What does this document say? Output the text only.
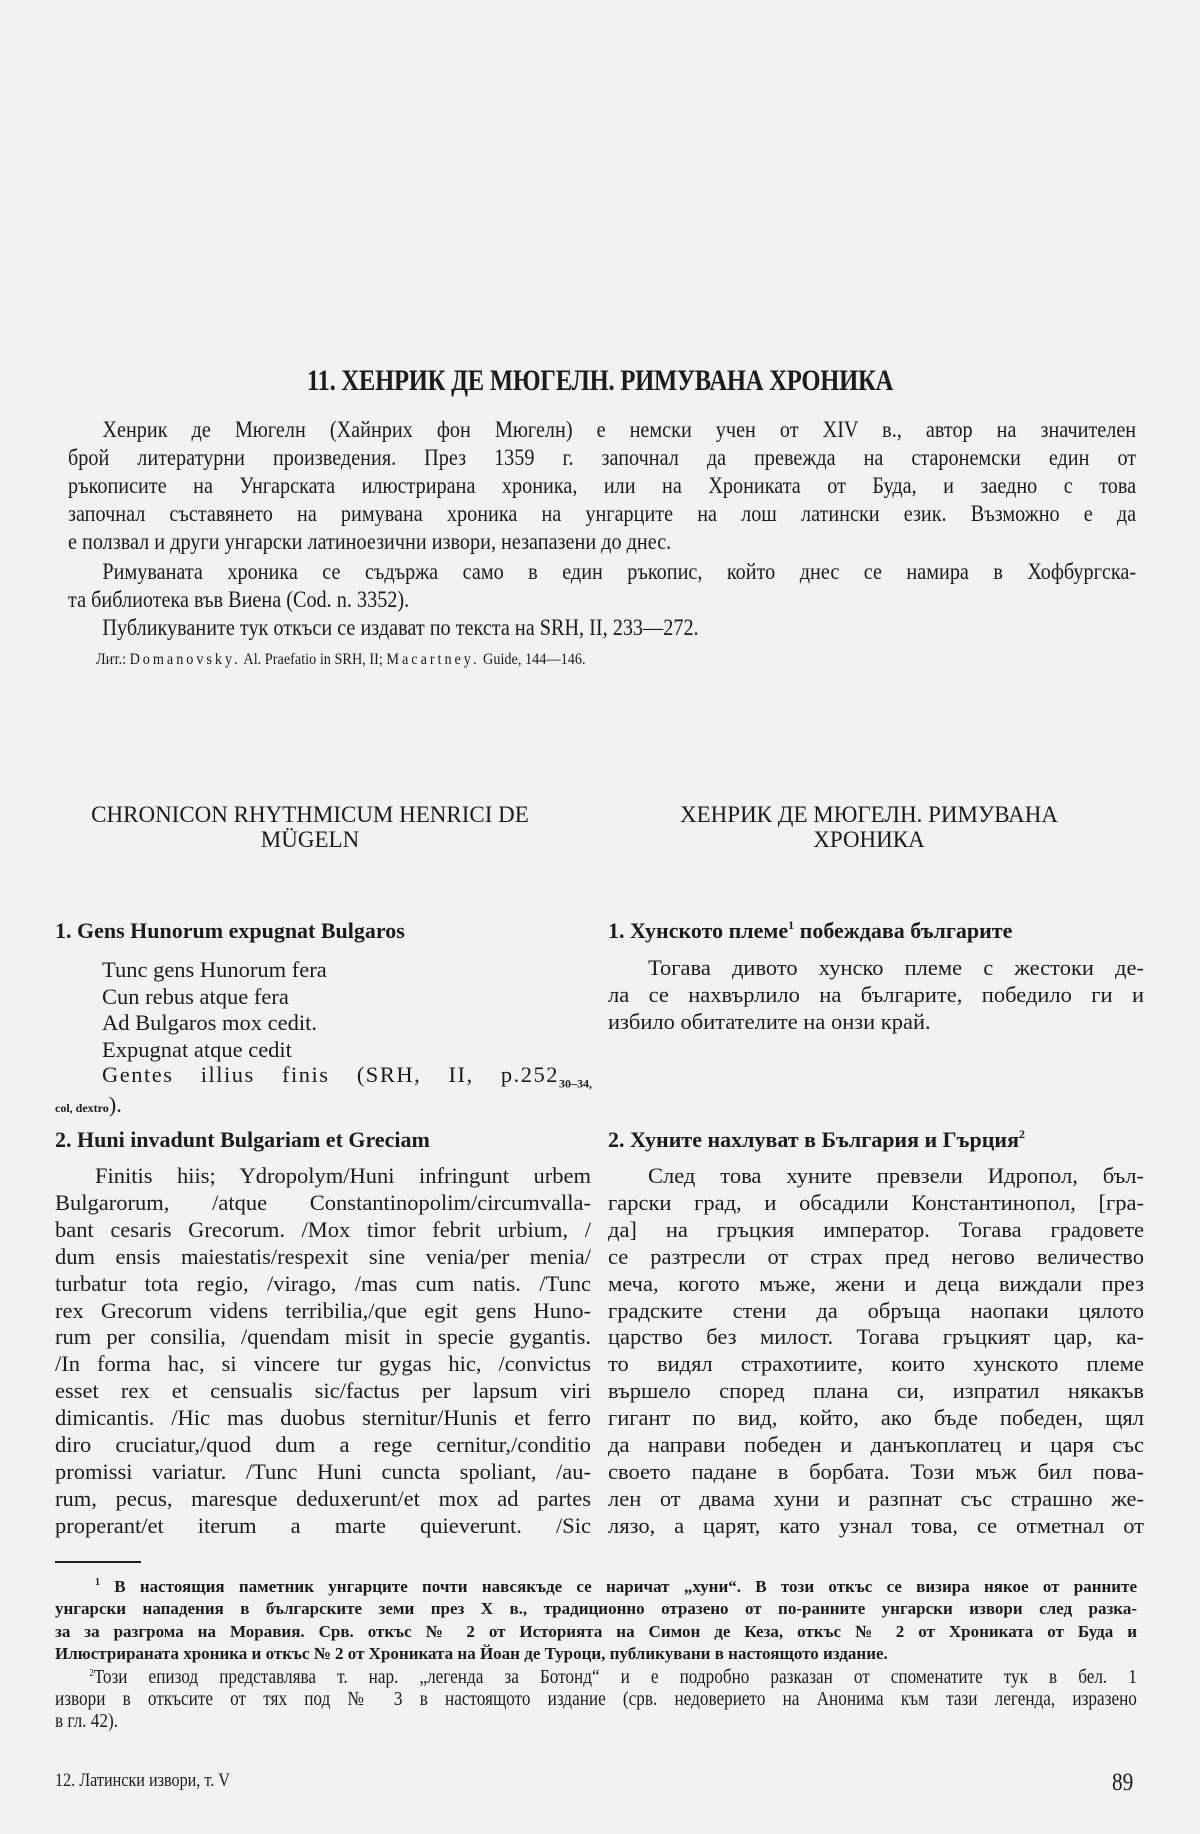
11. ХЕНРИК ДЕ МЮГЕЛН. РИМУВАНА ХРОНИКА
Хенрик де Мюгелн (Хайнрих фон Мюгелн) е немски учен от XIV в., автор на значителен
брой литературни произведения. През 1359 г. започнал да превежда на старонемски един от
ръкописите на Унгарската илюстрирана хроника, или на Хрониката от Буда, и заедно с това
започнал съставянето на римувана хроника на унгарците на лош латински език. Възможно е да
е ползвал и други унгарски латиноезични извори, незапазени до днес.
Римуваната хроника се съдържа само в един ръкопис, който днес се намира в Хофбургска-
та библиотека във Виена (Cod. n. 3352).
Публикуваните тук откъси се издават по текста на SRH, II, 233—272.
Лит.: Domanovsky. Al. Praefatio in SRH, II; Macartney. Guide, 144—146.
CHRONICON RHYTHMICUM HENRICI DE
MÜGELN
1. Gens Hunorum expugnat Bulgaros
Tunc gens Hunorum fera
Cun rebus atque fera
Ad Bulgaros mox cedit.
Expugnat atque cedit
Gentes illius finis (SRH, II, $p.252_{30-34,}$
col, dextro).
2. Huni invadunt Bulgariam et Greciam
Finitis hiis; Ydropolym/Huni infringunt urbem
Bulgarorum, /atque Constantinopolim/circumvalla-
bant cesaris Grecorum. /Mox timor febrit urbium, /
dum ensis maiestatis/respexit sine venia/per menia/
turbatur tota regio, /virago, /mas cum natis. /Tunc
rex Grecorum videns terribilia,/que egit gens Huno-
rum per consilia, /quendam misit in specie gygantis.
/In forma hac, si vincere tur gygas hic, /convictus
esset rex et censualis sic/factus per lapsum viri
dimicantis. /Hic mas duobus sternitur/Hunis et ferro
diro cruciatur,/quod dum a rege cernitur,/conditio
promissi variatur. /Tunc Huni cuncta spoliant, /au-
rum, pecus, maresque deduxerunt/et mox ad partes
properant/et iterum a marte quieverunt. /Sic
ХЕНРИК ДЕ МЮГЕЛН. РИМУВАНА
ХРОНИКА
1. Хунското племе$^1$ побеждава българите
Тогава дивото хунско племе с жестоки де-
ла се нахвърлило на българите, победило ги и
избило обитателите на онзи край.
2. Хуните нахлуват в България и Гърция$^2$
След това хуните превзели Идропол, бъл-
гарски град, и обсадили Константинопол, [гра-
да] на гръцкия император. Тогава градовете
се разтресли от страх пред негово величество
меча, когото мъже, жени и деца виждали през
градските стени да обръща наопаки цялото
царство без милост. Тогава гръцкият цар, ка-
то видял страхотиите, които хунското племе
вършело според плана си, изпратил някакъв
гигант по вид, който, ако бъде победен, щял
да направи победен и данъкоплатец и царя със
своето падане в борбата. Този мъж бил пова-
лен от двама хуни и разпнат със страшно же-
лязо, а царят, като узнал това, се отметнал от
$^1$ В настоящия паметник унгарците почти навсякъде се наричат „хуни“. В този откъс се визира някое от ранните
унгарски нападения в българските земи през X в., традиционно отразено от по-ранните унгарски извори след разка-
за за разгрома на Моравия. Срв. откъс № 2 от Историята на Симон де Кеза, откъс № 2 от Хрониката от Буда и
Илюстрираната хроника и откъс № 2 от Хрониката на Йоан де Туроци, публикувани в настоящото издание.
$^2$Този епизод представлява т. нар. „легенда за Ботонд“ и е подробно разказан от споменатите тук в бел. 1
извори в откъсите от тях под № 3 в настоящото издание (срв. недоверието на Анонима към тази легенда, изразено
в гл. 42).
12. Латински извори, т. V	89
